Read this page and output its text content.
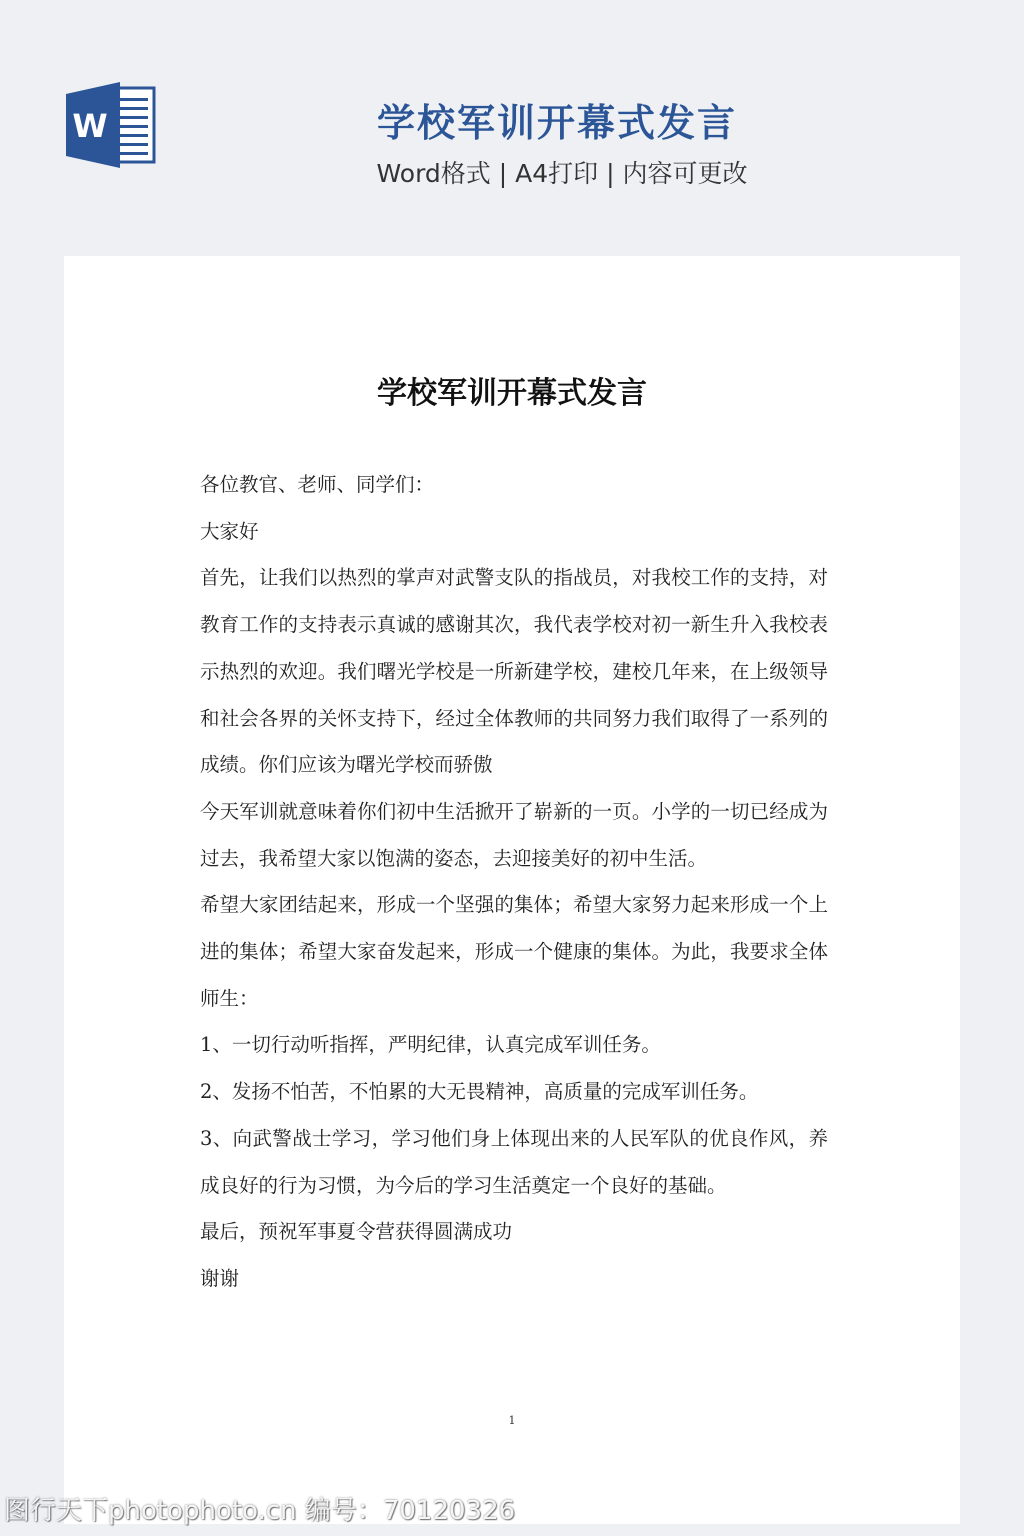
W	学校军训开幕式发言
Word格式 | A4打印 | 内容可更改
学校军训开幕式发言

各位教官、老师、同学们：

大家好

首先，让我们以热烈的掌声对武警支队的指战员，对我校工作的支持，对教育工作的支持表示真诚的感谢其次，我代表学校对初一新生升入我校表示热烈的欢迎。我们曙光学校是一所新建学校，建校几年来，在上级领导和社会各界的关怀支持下，经过全体教师的共同努力我们取得了一系列的成绩。你们应该为曙光学校而骄傲

今天军训就意味着你们初中生活掀开了崭新的一页。小学的一切已经成为过去，我希望大家以饱满的姿态，去迎接美好的初中生活。

希望大家团结起来，形成一个坚强的集体；希望大家努力起来形成一个上进的集体；希望大家奋发起来，形成一个健康的集体。为此，我要求全体师生：

1、一切行动听指挥，严明纪律，认真完成军训任务。

2、发扬不怕苦，不怕累的大无畏精神，高质量的完成军训任务。

3、向武警战士学习，学习他们身上体现出来的人民军队的优良作风，养成良好的行为习惯，为今后的学习生活奠定一个良好的基础。

最后，预祝军事夏令营获得圆满成功

谢谢

1
图行天下photophoto.cn 编号：70120326
